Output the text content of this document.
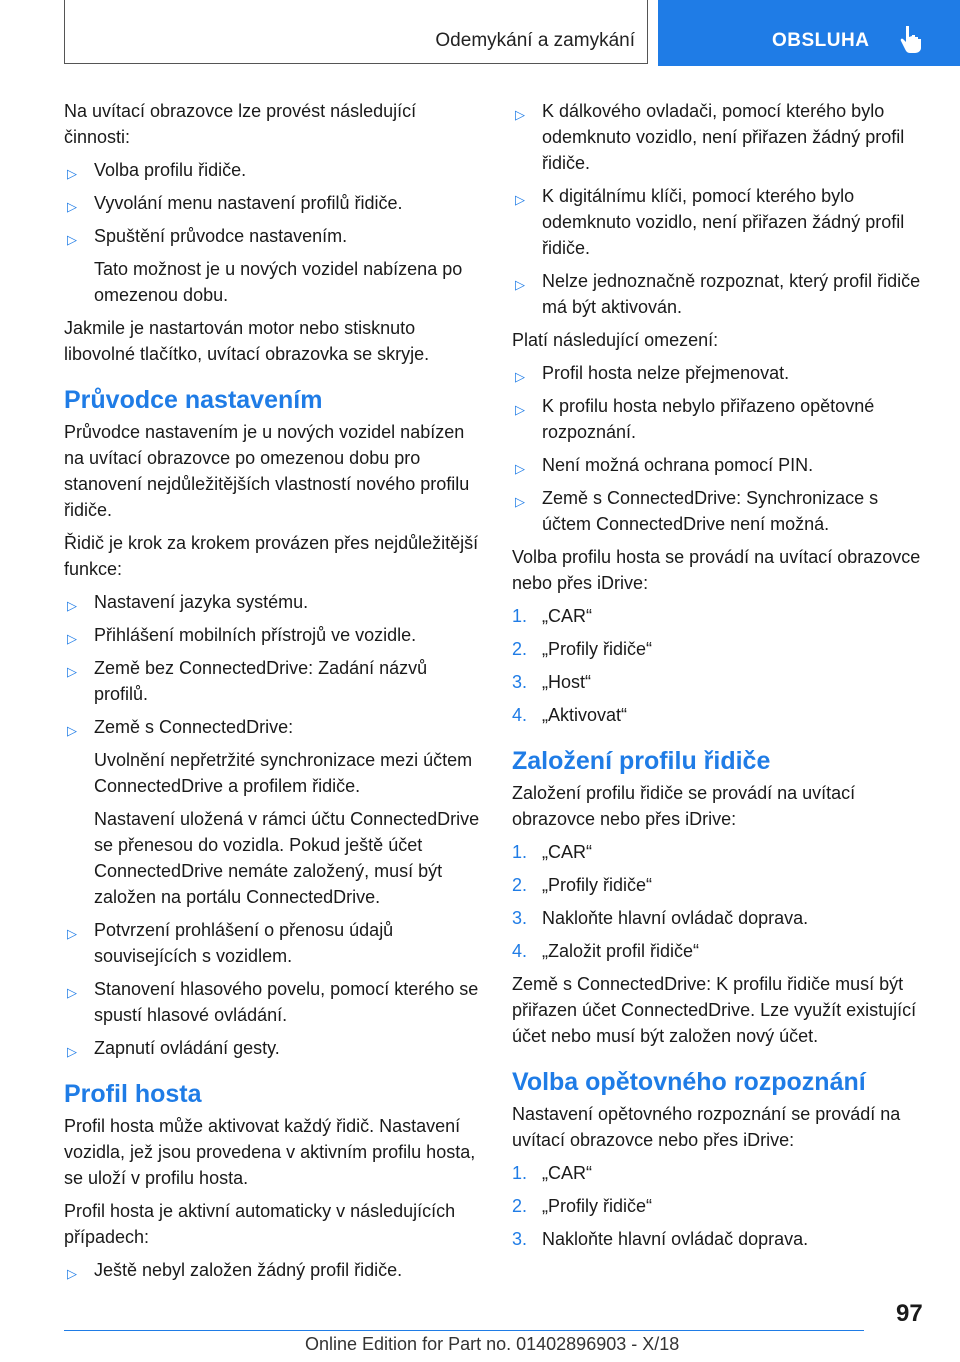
Odemykání a zamykání	OBSLUHA

Na uvítací obrazovce lze provést následující činnosti:

▷ Volba profilu řidiče.
▷ Vyvolání menu nastavení profilů řidiče.
▷ Spuštění průvodce nastavením.
Tato možnost je u nových vozidel nabízena po omezenou dobu.

Jakmile je nastartován motor nebo stisknuto libovolné tlačítko, uvítací obrazovka se skryje.

Průvodce nastavením

Průvodce nastavením je u nových vozidel nabízen na uvítací obrazovce po omezenou dobu pro stanovení nejdůležitějších vlastností nového profilu řidiče.

Řidič je krok za krokem provázen přes nejdůležitější funkce:

▷ Nastavení jazyka systému.
▷ Přihlášení mobilních přístrojů ve vozidle.
▷ Země bez ConnectedDrive: Zadání názvů profilů.
▷ Země s ConnectedDrive:
Uvolnění nepřetržité synchronizace mezi účtem ConnectedDrive a profilem řidiče.
Nastavení uložená v rámci účtu ConnectedDrive se přenesou do vozidla. Pokud ještě účet ConnectedDrive nemáte založený, musí být založen na portálu ConnectedDrive.
▷ Potvrzení prohlášení o přenosu údajů souvisejících s vozidlem.
▷ Stanovení hlasového povelu, pomocí kterého se spustí hlasové ovládání.
▷ Zapnutí ovládání gesty.
Profil hosta

Profil hosta může aktivovat každý řidič. Nastavení vozidla, jež jsou provedena v aktivním profilu hosta, se uloží v profilu hosta.

Profil hosta je aktivní automaticky v následujících případech:

▷ Ještě nebyl založen žádný profil řidiče.
▷ K dálkového ovladači, pomocí kterého bylo odemknuto vozidlo, není přiřazen žádný profil řidiče.
▷ K digitálnímu klíči, pomocí kterého bylo odemknuto vozidlo, není přiřazen žádný profil řidiče.
▷ Nelze jednoznačně rozpoznat, který profil řidiče má být aktivován.

Platí následující omezení:

▷ Profil hosta nelze přejmenovat.
▷ K profilu hosta nebylo přiřazeno opětovné rozpoznání.
▷ Není možná ochrana pomocí PIN.
▷ Země s ConnectedDrive: Synchronizace s účtem ConnectedDrive není možná.

Volba profilu hosta se provádí na uvítací obrazovce nebo přes iDrive:

1. „CAR“
2. „Profily řidiče“
3. „Host“
4. „Aktivovat“
Založení profilu řidiče

Založení profilu řidiče se provádí na uvítací obrazovce nebo přes iDrive:

1. „CAR“
2. „Profily řidiče“
3. Nakloňte hlavní ovládač doprava.
4. „Založit profil řidiče“

Země s ConnectedDrive: K profilu řidiče musí být přiřazen účet ConnectedDrive. Lze využít existující účet nebo musí být založen nový účet.

Volba opětovného rozpoznání

Nastavení opětovného rozpoznání se provádí na uvítací obrazovce nebo přes iDrive:

1. „CAR“
2. „Profily řidiče“
3. Nakloňte hlavní ovládač doprava.
97
Online Edition for Part no. 01402896903 - X/18
